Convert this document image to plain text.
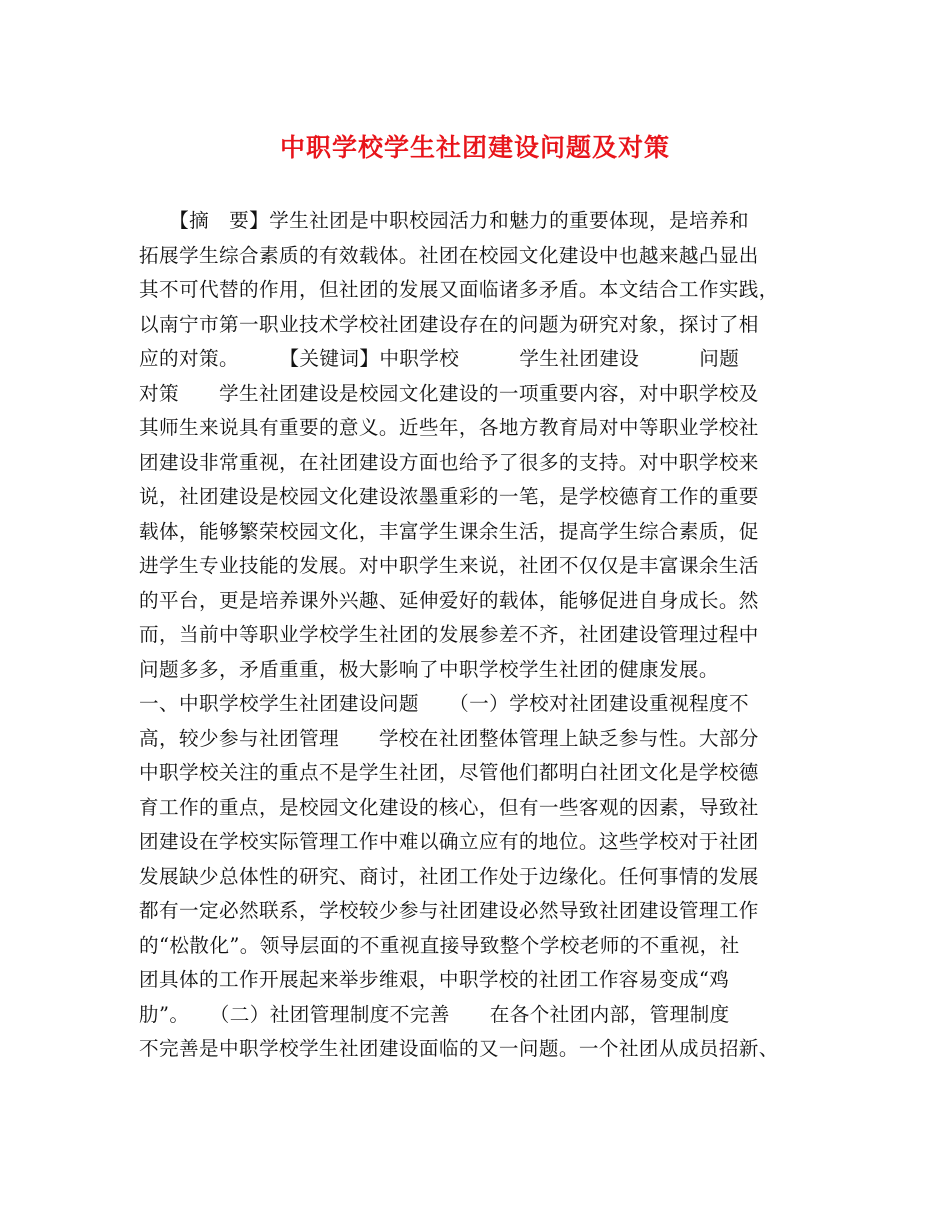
中职学校学生社团建设问题及对策
　　【摘　要】学生社团是中职校园活力和魅力的重要体现，是培养和
拓展学生综合素质的有效载体。社团在校园文化建设中也越来越凸显出
其不可代替的作用，但社团的发展又面临诸多矛盾。本文结合工作实践，
以南宁市第一职业技术学校社团建设存在的问题为研究对象，探讨了相
应的对策。　　　【关键词】中职学校　　　学生社团建设　　　问题
对策　　学生社团建设是校园文化建设的一项重要内容，对中职学校及
其师生来说具有重要的意义。近些年，各地方教育局对中等职业学校社
团建设非常重视，在社团建设方面也给予了很多的支持。对中职学校来
说，社团建设是校园文化建设浓墨重彩的一笔，是学校德育工作的重要
载体，能够繁荣校园文化，丰富学生课余生活，提高学生综合素质，促
进学生专业技能的发展。对中职学生来说，社团不仅仅是丰富课余生活
的平台，更是培养课外兴趣、延伸爱好的载体，能够促进自身成长。然
而，当前中等职业学校学生社团的发展参差不齐，社团建设管理过程中
问题多多，矛盾重重，极大影响了中职学校学生社团的健康发展。
一、中职学校学生社团建设问题　　（一）学校对社团建设重视程度不
高，较少参与社团管理　　学校在社团整体管理上缺乏参与性。大部分
中职学校关注的重点不是学生社团，尽管他们都明白社团文化是学校德
育工作的重点，是校园文化建设的核心，但有一些客观的因素，导致社
团建设在学校实际管理工作中难以确立应有的地位。这些学校对于社团
发展缺少总体性的研究、商讨，社团工作处于边缘化。任何事情的发展
都有一定必然联系，学校较少参与社团建设必然导致社团建设管理工作
的“松散化”。领导层面的不重视直接导致整个学校老师的不重视，社
团具体的工作开展起来举步维艰，中职学校的社团工作容易变成“鸡
肋”。　　（二）社团管理制度不完善　　在各个社团内部，管理制度
不完善是中职学校学生社团建设面临的又一问题。一个社团从成员招新、
